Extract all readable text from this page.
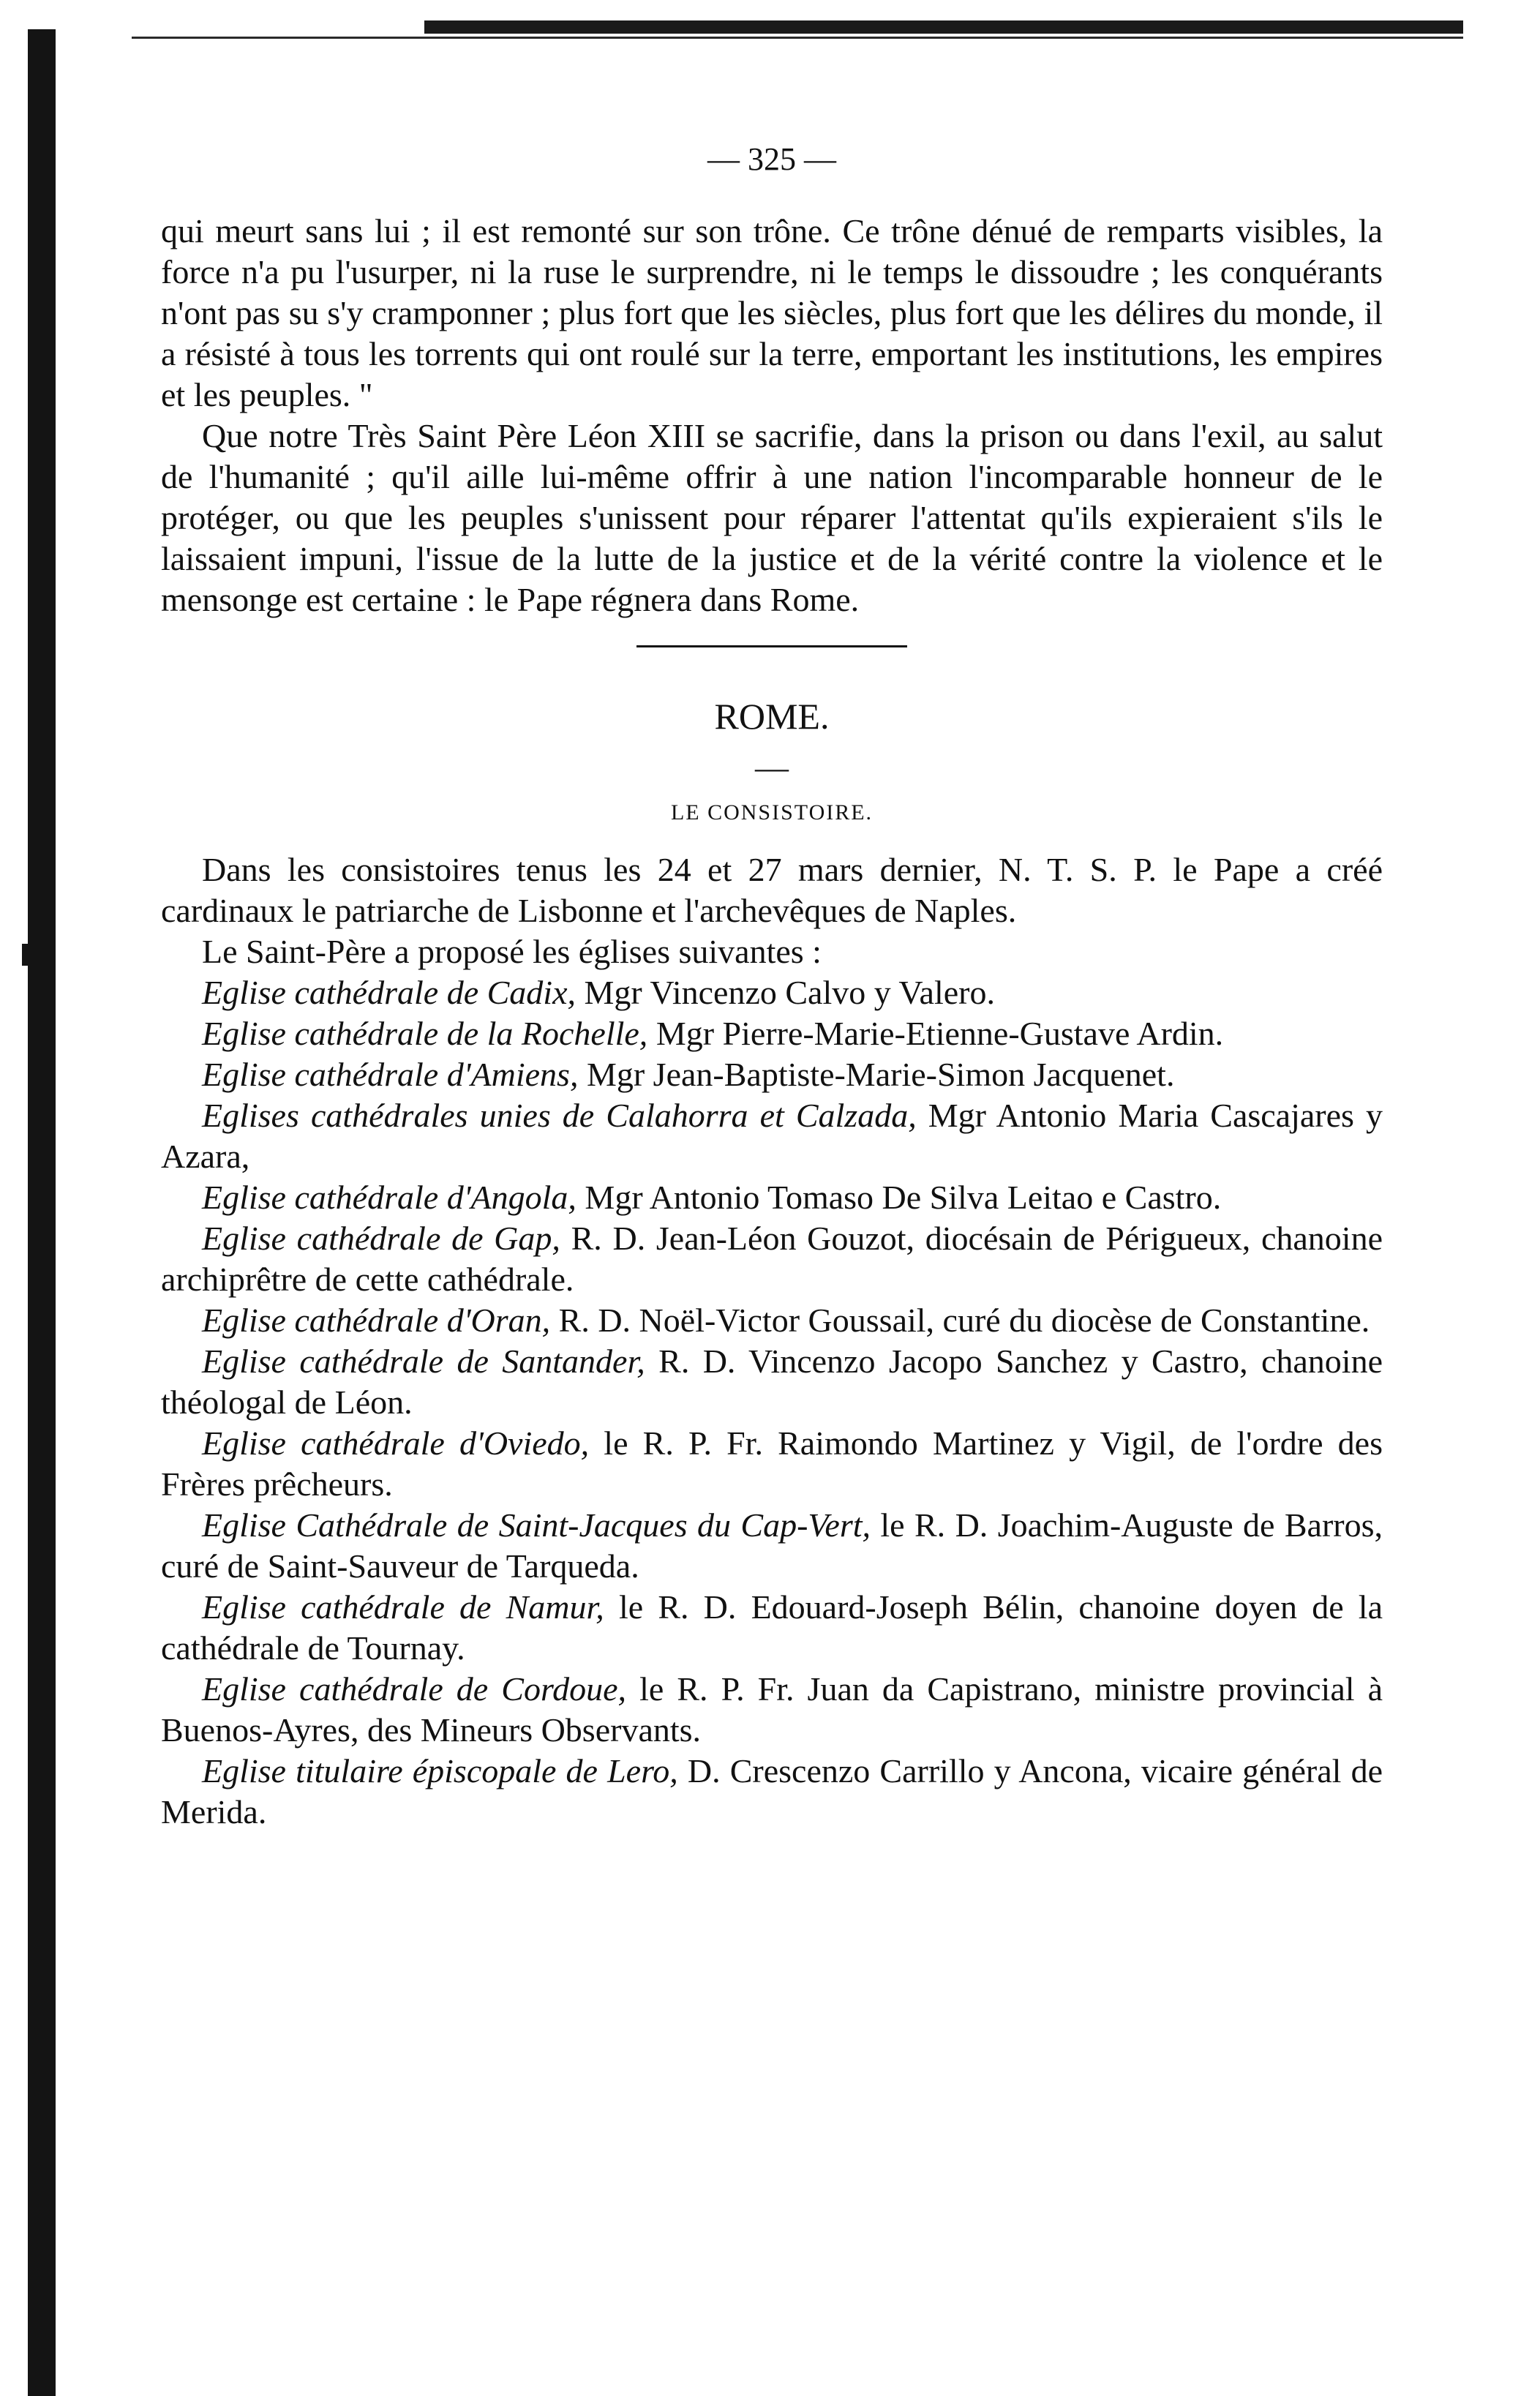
— 325 —

qui meurt sans lui ; il est remonté sur son trône. Ce trône dénué de remparts visibles, la force n'a pu l'usurper, ni la ruse le surprendre, ni le temps le dissoudre ; les conquérants n'ont pas su s'y cramponner ; plus fort que les siècles, plus fort que les délires du monde, il a résisté à tous les torrents qui ont roulé sur la terre, emportant les institutions, les empires et les peuples. "

Que notre Très Saint Père Léon XIII se sacrifie, dans la prison ou dans l'exil, au salut de l'humanité ; qu'il aille lui-même offrir à une nation l'incomparable honneur de le protéger, ou que les peuples s'unissent pour réparer l'attentat qu'ils expieraient s'ils le laissaient impuni, l'issue de la lutte de la justice et de la vérité contre la violence et le mensonge est certaine : le Pape régnera dans Rome.

ROME.
—
LE CONSISTOIRE.

Dans les consistoires tenus les 24 et 27 mars dernier, N. T. S. P. le Pape a créé cardinaux le patriarche de Lisbonne et l'archevêques de Naples.

Le Saint-Père a proposé les églises suivantes :

Eglise cathédrale de Cadix, Mgr Vincenzo Calvo y Valero.

Eglise cathédrale de la Rochelle, Mgr Pierre-Marie-Etienne-Gustave Ardin.

Eglise cathédrale d'Amiens, Mgr Jean-Baptiste-Marie-Simon Jacquenet.

Eglises cathédrales unies de Calahorra et Calzada, Mgr Antonio Maria Cascajares y Azara,

Eglise cathédrale d'Angola, Mgr Antonio Tomaso De Silva Leitao e Castro.

Eglise cathédrale de Gap, R. D. Jean-Léon Gouzot, diocésain de Périgueux, chanoine archiprêtre de cette cathédrale.

Eglise cathédrale d'Oran, R. D. Noël-Victor Goussail, curé du diocèse de Constantine.

Eglise cathédrale de Santander, R. D. Vincenzo Jacopo Sanchez y Castro, chanoine théologal de Léon.

Eglise cathédrale d'Oviedo, le R. P. Fr. Raimondo Martinez y Vigil, de l'ordre des Frères prêcheurs.

Eglise Cathédrale de Saint-Jacques du Cap-Vert, le R. D. Joachim-Auguste de Barros, curé de Saint-Sauveur de Tarqueda.

Eglise cathédrale de Namur, le R. D. Edouard-Joseph Bélin, chanoine doyen de la cathédrale de Tournay.

Eglise cathédrale de Cordoue, le R. P. Fr. Juan da Capistrano, ministre provincial à Buenos-Ayres, des Mineurs Observants.

Eglise titulaire épiscopale de Lero, D. Crescenzo Carrillo y Ancona, vicaire général de Merida.
